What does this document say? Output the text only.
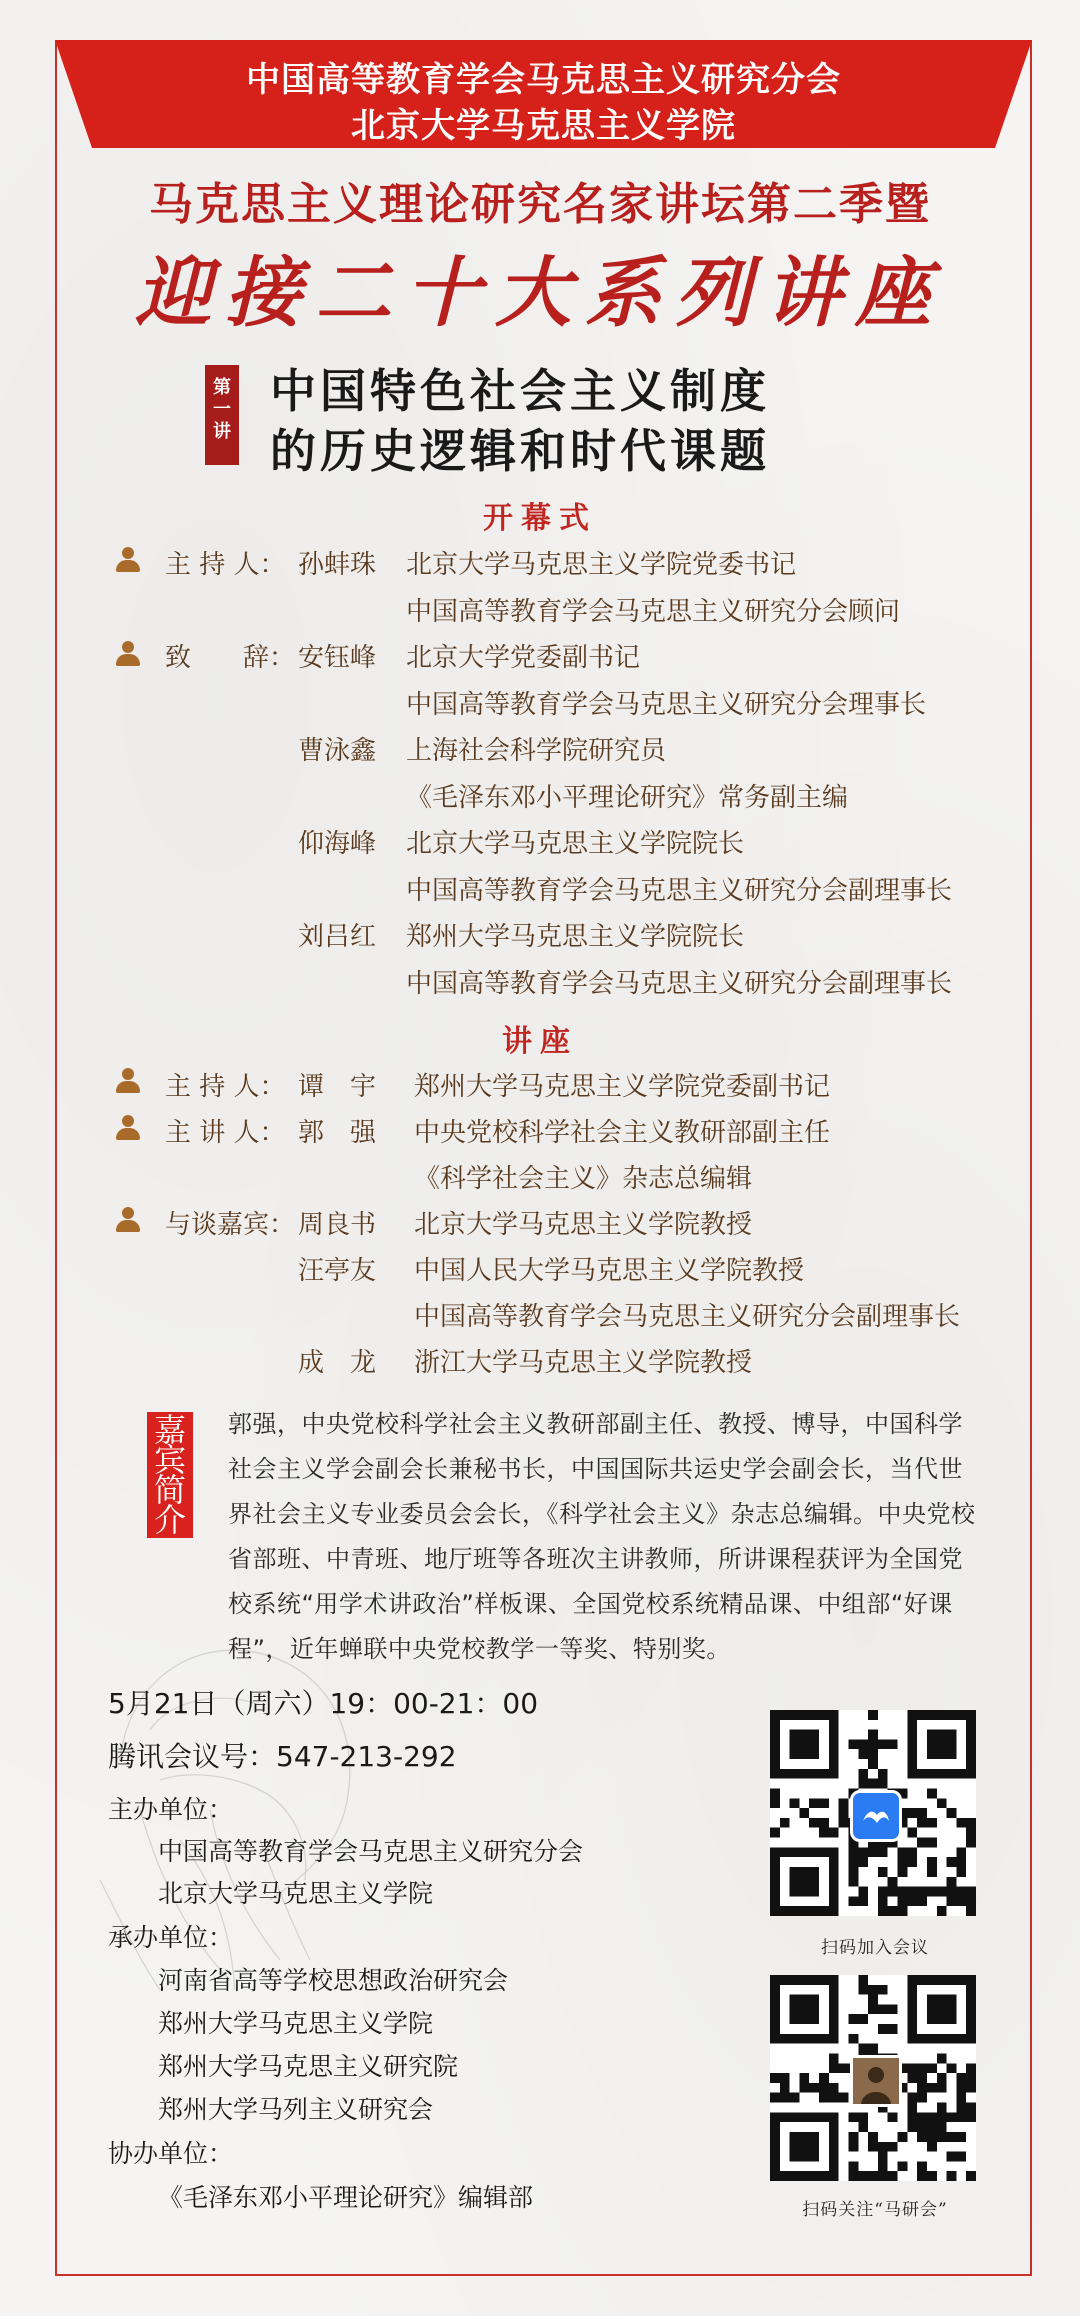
中国高等教育学会马克思主义研究分会
北京大学马克思主义学院
马克思主义理论研究名家讲坛第二季暨
迎接二十大系列讲座
第一讲
中国特色社会主义制度
的历史逻辑和时代课题
开幕式
主 持 人： 孙蚌珠 北京大学马克思主义学院党委书记
中国高等教育学会马克思主义研究分会顾问
致　　辞： 安钰峰 北京大学党委副书记
中国高等教育学会马克思主义研究分会理事长
曹泳鑫 上海社会科学院研究员
《毛泽东邓小平理论研究》常务副主编
仰海峰 北京大学马克思主义学院院长
中国高等教育学会马克思主义研究分会副理事长
刘吕红 郑州大学马克思主义学院院长
中国高等教育学会马克思主义研究分会副理事长
讲座
主 持 人： 谭　宇 郑州大学马克思主义学院党委副书记
主 讲 人： 郭　强 中央党校科学社会主义教研部副主任
《科学社会主义》杂志总编辑
与谈嘉宾： 周良书 北京大学马克思主义学院教授
汪亭友 中国人民大学马克思主义学院教授
中国高等教育学会马克思主义研究分会副理事长
成　龙 浙江大学马克思主义学院教授
嘉宾简介
郭强，中央党校科学社会主义教研部副主任、教授、博导，中国科学社会主义学会副会长兼秘书长，中国国际共运史学会副会长，当代世界社会主义专业委员会会长，《科学社会主义》杂志总编辑。中央党校省部班、中青班、地厅班等各班次主讲教师，所讲课程获评为全国党校系统“用学术讲政治”样板课、全国党校系统精品课、中组部“好课程”，近年蝉联中央党校教学一等奖、特别奖。
5月21日（周六）19：00-21：00
腾讯会议号：547-213-292
主办单位：
中国高等教育学会马克思主义研究分会
北京大学马克思主义学院
承办单位：
河南省高等学校思想政治研究会
郑州大学马克思主义学院
郑州大学马克思主义研究院
郑州大学马列主义研究会
协办单位：
《毛泽东邓小平理论研究》编辑部
扫码加入会议
扫码关注“马研会”
